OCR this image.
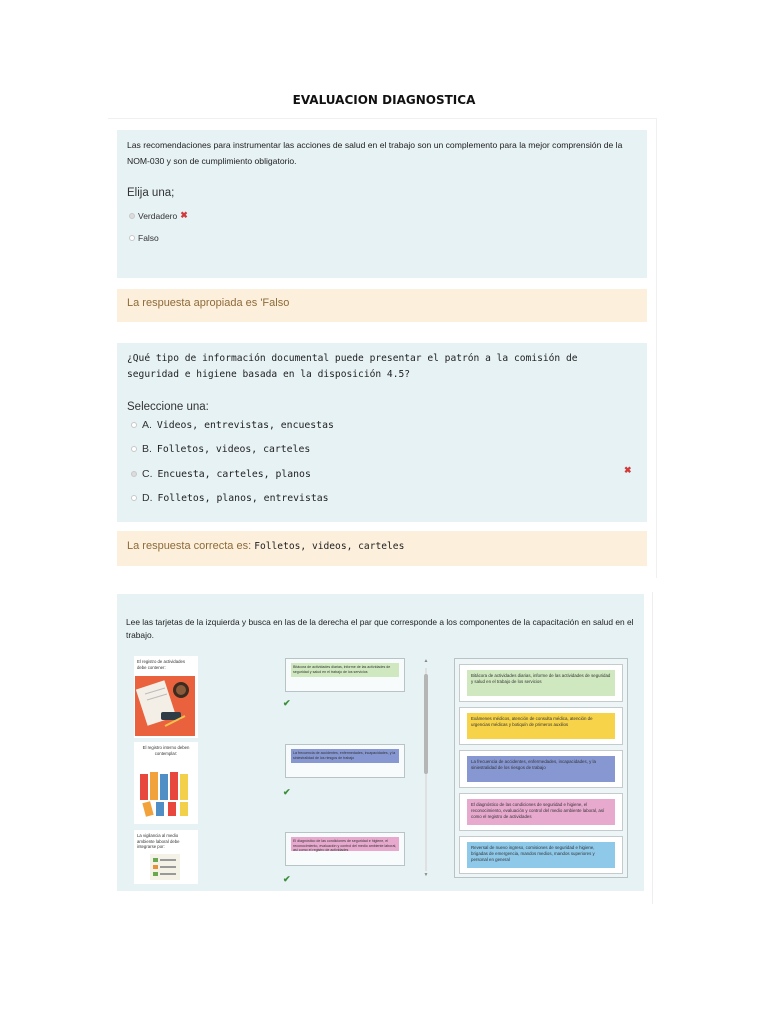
EVALUACION DIAGNOSTICA
Las recomendaciones para instrumentar las acciones de salud en el trabajo son un complemento para la mejor comprensión de la NOM-030 y son de cumplimiento obligatorio.
Elija una;
Verdadero ✖
Falso
La respuesta apropiada es 'Falso
¿Qué tipo de información documental puede presentar el patrón a la comisión de seguridad e higiene basada en la disposición 4.5?
Seleccione una:
A. Videos, entrevistas, encuestas
B. Folletos, videos, carteles
C. Encuesta, carteles, planos	✖
D. Folletos, planos, entrevistas
La respuesta correcta es: Folletos, videos, carteles
Lee las tarjetas de la izquierda y busca en las de la derecha el par que corresponde a los componentes de la capacitación en salud en el trabajo.
El registro de actividades debe contener:
El registro interno deben contemplar:
La vigilancia al medio ambiente laboral debe integrarse por:
Bitácora de actividades diarias, informe de las actividades de seguridad y salud en el trabajo de los servicios
✔
La frecuencia de accidentes, enfermedades, incapacidades, y la siniestralidad de los riesgos de trabajo
✔
El diagnóstico de las condiciones de seguridad e higiene, el reconocimiento, evaluación y control del medio ambiente laboral, así como el registro de actividades
✔
▲
▼
Bitácora de actividades diarias, informe de las actividades de seguridad y salud en el trabajo de los servicios
Exámenes médicos, atención de consulta médica, atención de urgencias médicas y botiquín de primeros auxilios
La frecuencia de accidentes, enfermedades, incapacidades, y la siniestralidad de los riesgos de trabajo
El diagnóstico de las condiciones de seguridad e higiene, el reconocimiento, evaluación y control del medio ambiente laboral, así como el registro de actividades
Reversal de nuevo ingreso, comisiones de seguridad e higiene, brigadas de emergencia, mandos medios, mandos superiores y personal en general
